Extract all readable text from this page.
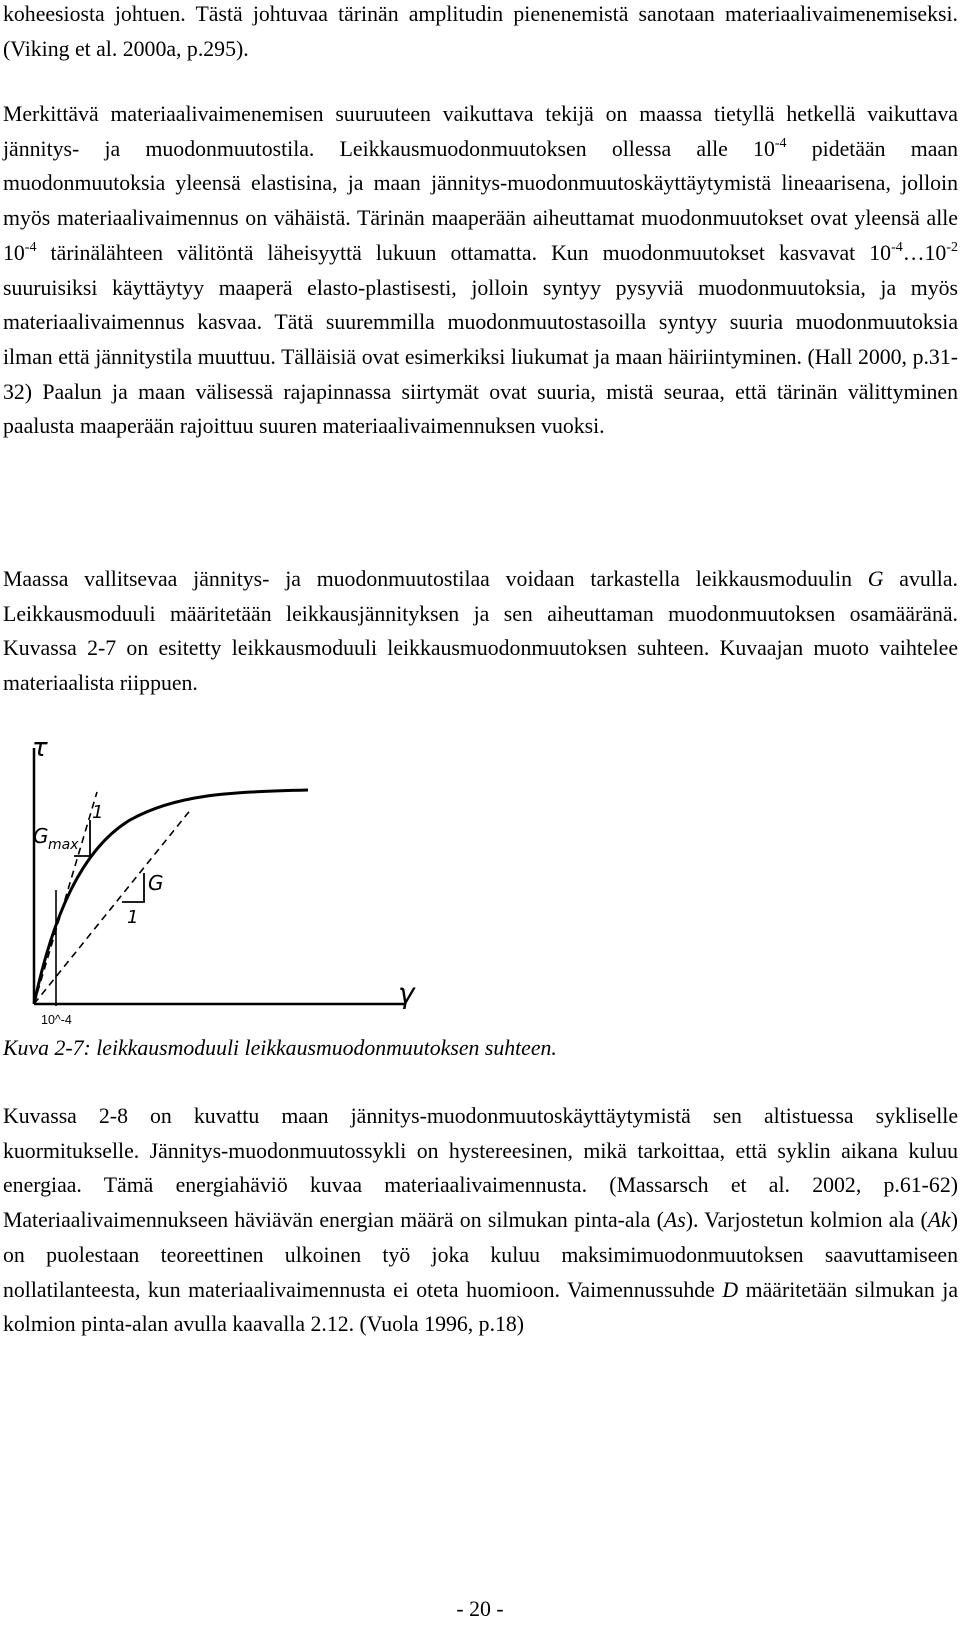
koheesiosta johtuen. Tästä johtuvaa tärinän amplitudin pienenemistä sanotaan materiaalivaimenemiseksi. (Viking et al. 2000a, p.295).

Merkittävä materiaalivaimenemisen suuruuteen vaikuttava tekijä on maassa tietyllä hetkellä vaikuttava jännitys- ja muodonmuutostila. Leikkausmuodonmuutoksen ollessa alle $10^{-4}$ pidetään maan muodonmuutoksia yleensä elastisina, ja maan jännitys-muodonmuutoskäyttäytymistä lineaarisena, jolloin myös materiaalivaimennus on vähäistä. Tärinän maaperään aiheuttamat muodonmuutokset ovat yleensä alle $10^{-4}$ tärinälähteen välitöntä läheisyyttä lukuun ottamatta. Kun muodonmuutokset kasvavat $10^{-4}\dots 10^{-2}$ suuruisiksi käyttäytyy maaperä elasto-plastisesti, jolloin syntyy pysyviä muodonmuutoksia, ja myös materiaalivaimennus kasvaa. Tätä suuremmilla muodonmuutostasoilla syntyy suuria muodonmuutoksia ilman että jännitystila muuttuu. Tälläisiä ovat esimerkiksi liukumat ja maan häiriintyminen. (Hall 2000, p.31-32) Paalun ja maan välisessä rajapinnassa siirtymät ovat suuria, mistä seuraa, että tärinän välittyminen paalusta maaperään rajoittuu suuren materiaalivaimennuksen vuoksi.

Maassa vallitsevaa jännitys- ja muodonmuutostilaa voidaan tarkastella leikkausmoduulin G avulla. Leikkausmoduuli määritetään leikkausjännityksen ja sen aiheuttaman muodonmuutoksen osamääränä. Kuvassa 2-7 on esitetty leikkausmoduuli leikkausmuodonmuutoksen suhteen. Kuvaajan muoto vaihtelee materiaalista riippuen.

τ
γ
G max
G
1
1
10^-4

Kuva 2-7: leikkausmoduuli leikkausmuodonmuutoksen suhteen.

Kuvassa 2-8 on kuvattu maan jännitys-muodonmuutoskäyttäytymistä sen altistuessa sykliselle kuormitukselle. Jännitys-muodonmuutossykli on hystereesinen, mikä tarkoittaa, että syklin aikana kuluu energiaa. Tämä energiahäviö kuvaa materiaalivaimennusta. (Massarsch et al. 2002, p.61-62) Materiaalivaimennukseen häviävän energian määrä on silmukan pinta-ala (As). Varjostetun kolmion ala (Ak) on puolestaan teoreettinen ulkoinen työ joka kuluu maksimimuodonmuutoksen saavuttamiseen nollatilanteesta, kun materiaalivaimennusta ei oteta huomioon. Vaimennussuhde D määritetään silmukan ja kolmion pinta-alan avulla kaavalla 2.12. (Vuola 1996, p.18)

- 20 -
